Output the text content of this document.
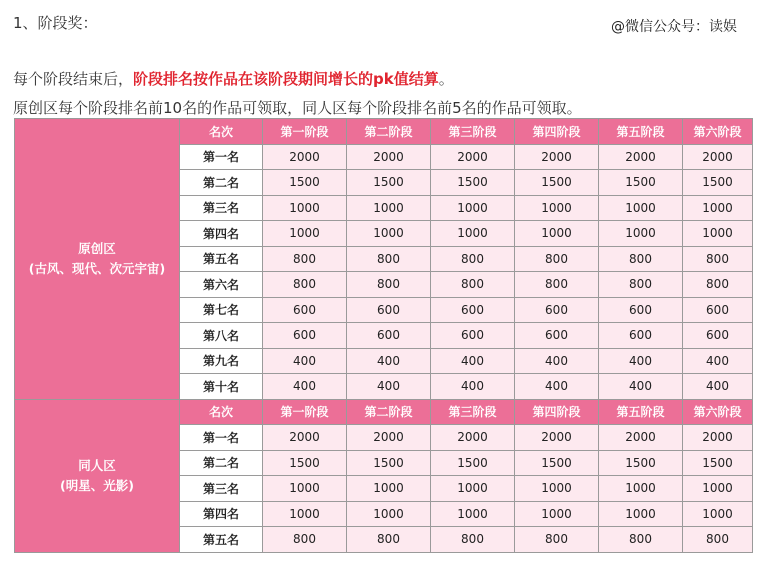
1、阶段奖：	@微信公众号：读娱
每个阶段结束后，阶段排名按作品在该阶段期间增长的pk值结算。
原创区每个阶段排名前10名的作品可领取，同人区每个阶段排名前5名的作品可领取。
原创区
(古风、现代、次元宇宙)	名次	第一阶段	第二阶段	第三阶段	第四阶段	第五阶段	第六阶段
	第一名	2000	2000	2000	2000	2000	2000
	第二名	1500	1500	1500	1500	1500	1500
	第三名	1000	1000	1000	1000	1000	1000
	第四名	1000	1000	1000	1000	1000	1000
	第五名	800	800	800	800	800	800
	第六名	800	800	800	800	800	800
	第七名	600	600	600	600	600	600
	第八名	600	600	600	600	600	600
	第九名	400	400	400	400	400	400
	第十名	400	400	400	400	400	400

同人区
(明星、光影)	名次	第一阶段	第二阶段	第三阶段	第四阶段	第五阶段	第六阶段
	第一名	2000	2000	2000	2000	2000	2000
	第二名	1500	1500	1500	1500	1500	1500
	第三名	1000	1000	1000	1000	1000	1000
	第四名	1000	1000	1000	1000	1000	1000
	第五名	800	800	800	800	800	800
